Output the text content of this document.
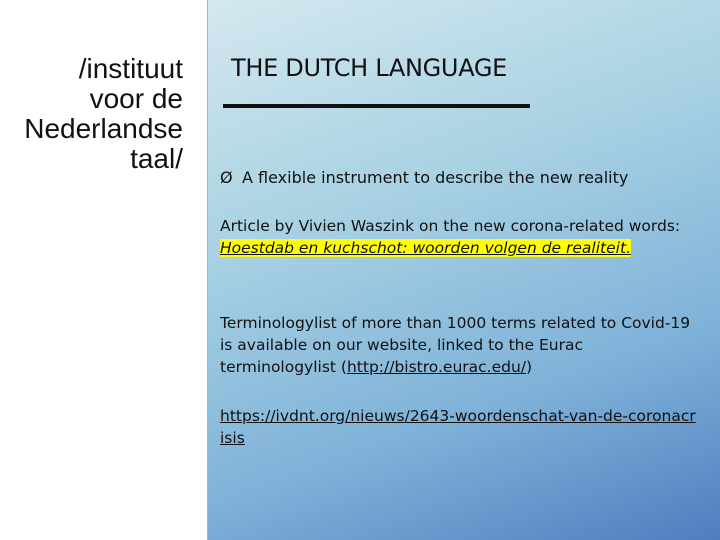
/instituut
voor de
Nederlandse
taal/
THE DUTCH LANGUAGE
Ø A flexible instrument to describe the new reality
Article by Vivien Waszink on the new corona-related words:
Hoestdab en kuchschot: woorden volgen de realiteit.
Terminologylist of more than 1000 terms related to Covid-19 is available on our website, linked to the Eurac terminologylist (http://bistro.eurac.edu/)
https://ivdnt.org/nieuws/2643-woordenschat-van-de-coronacrisis
